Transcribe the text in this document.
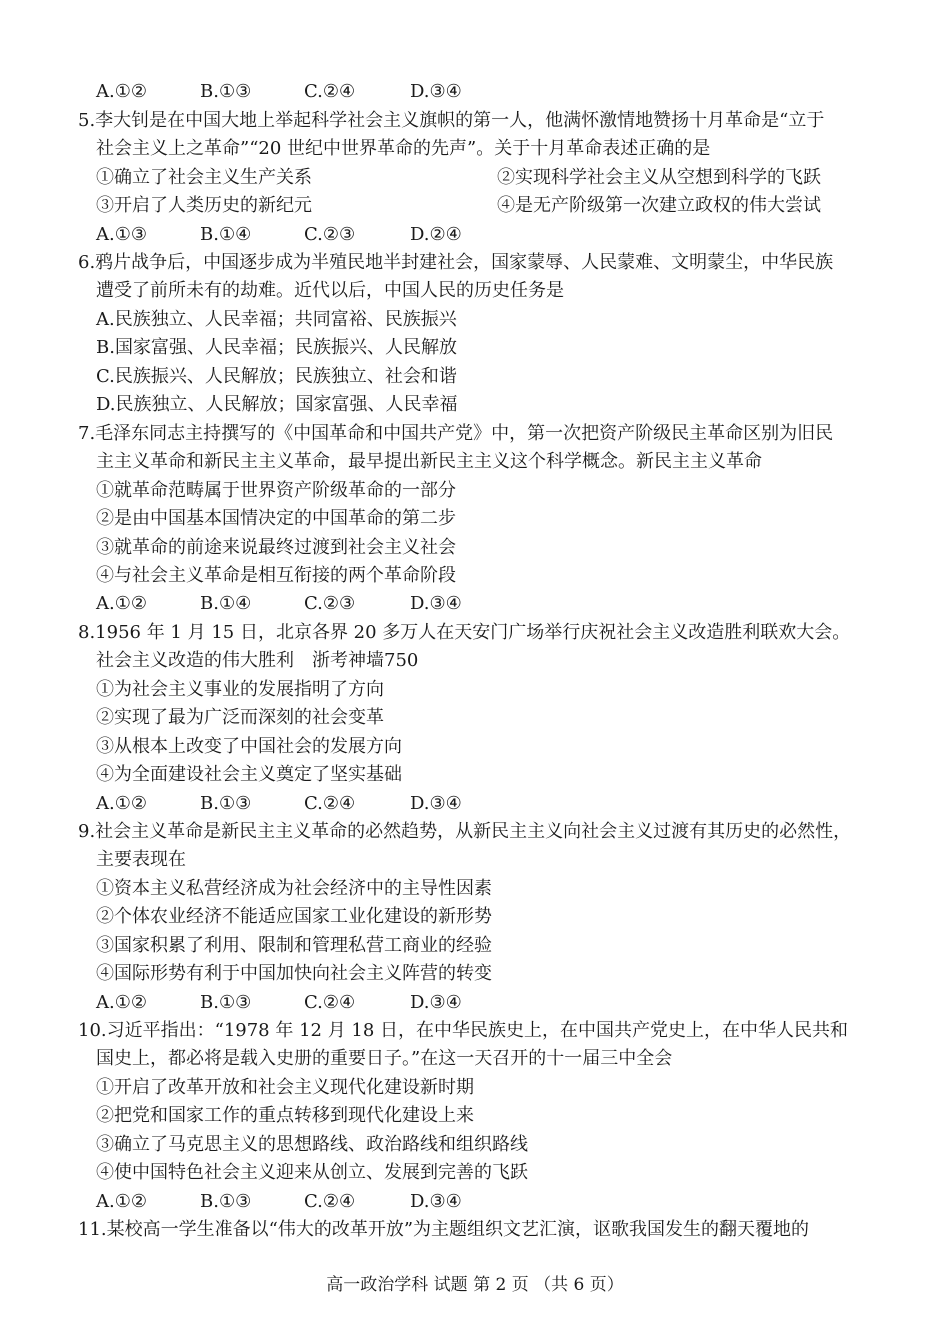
A.①②	B.①③	C.②④	D.③④
5.李大钊是在中国大地上举起科学社会主义旗帜的第一人，他满怀激情地赞扬十月革命是“立于
社会主义上之革命”“20 世纪中世界革命的先声”。关于十月革命表述正确的是
①确立了社会主义生产关系	②实现科学社会主义从空想到科学的飞跃
③开启了人类历史的新纪元	④是无产阶级第一次建立政权的伟大尝试
A.①③	B.①④	C.②③	D.②④
6.鸦片战争后，中国逐步成为半殖民地半封建社会，国家蒙辱、人民蒙难、文明蒙尘，中华民族
遭受了前所未有的劫难。近代以后，中国人民的历史任务是
A.民族独立、人民幸福；共同富裕、民族振兴
B.国家富强、人民幸福；民族振兴、人民解放
C.民族振兴、人民解放；民族独立、社会和谐
D.民族独立、人民解放；国家富强、人民幸福
7.毛泽东同志主持撰写的《中国革命和中国共产党》中，第一次把资产阶级民主革命区别为旧民
主主义革命和新民主主义革命，最早提出新民主主义这个科学概念。新民主主义革命
①就革命范畴属于世界资产阶级革命的一部分
②是由中国基本国情决定的中国革命的第二步
③就革命的前途来说最终过渡到社会主义社会
④与社会主义革命是相互衔接的两个革命阶段
A.①②	B.①④	C.②③	D.③④
8.1956 年 1 月 15 日，北京各界 20 多万人在天安门广场举行庆祝社会主义改造胜利联欢大会。
社会主义改造的伟大胜利　浙考神墙750
①为社会主义事业的发展指明了方向
②实现了最为广泛而深刻的社会变革
③从根本上改变了中国社会的发展方向
④为全面建设社会主义奠定了坚实基础
A.①②	B.①③	C.②④	D.③④
9.社会主义革命是新民主主义革命的必然趋势，从新民主主义向社会主义过渡有其历史的必然性，
主要表现在
①资本主义私营经济成为社会经济中的主导性因素
②个体农业经济不能适应国家工业化建设的新形势
③国家积累了利用、限制和管理私营工商业的经验
④国际形势有利于中国加快向社会主义阵营的转变
A.①②	B.①③	C.②④	D.③④
10.习近平指出：“1978 年 12 月 18 日，在中华民族史上，在中国共产党史上，在中华人民共和
国史上，都必将是载入史册的重要日子。”在这一天召开的十一届三中全会
①开启了改革开放和社会主义现代化建设新时期
②把党和国家工作的重点转移到现代化建设上来
③确立了马克思主义的思想路线、政治路线和组织路线
④使中国特色社会主义迎来从创立、发展到完善的飞跃
A.①②	B.①③	C.②④	D.③④
11.某校高一学生准备以“伟大的改革开放”为主题组织文艺汇演，讴歌我国发生的翻天覆地的
高一政治学科 试题 第 2 页 （共 6 页）
